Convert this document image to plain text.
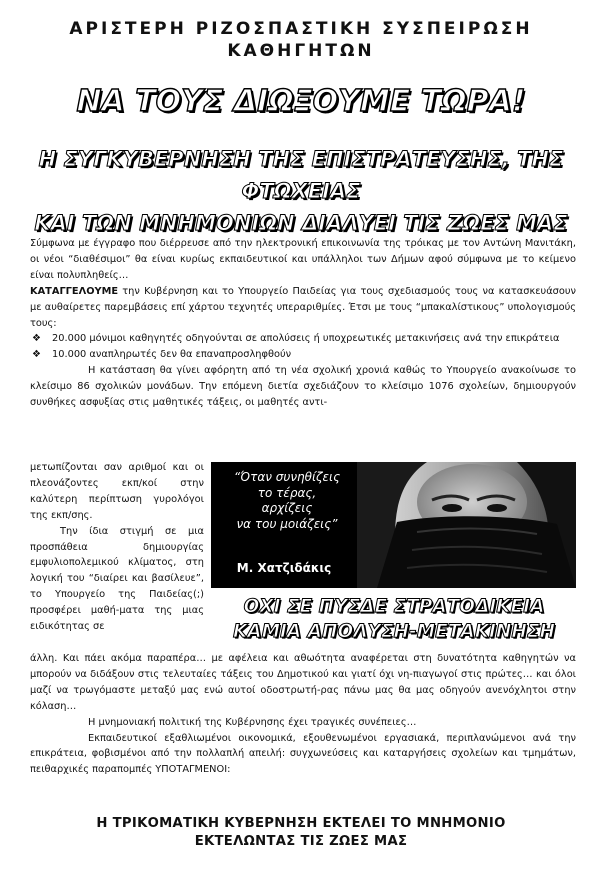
ΑΡΙΣΤΕΡΗ ΡΙΖΟΣΠΑΣΤΙΚΗ ΣΥΣΠΕΙΡΩΣΗ
ΚΑΘΗΓΗΤΩΝ
ΝΑ ΤΟΥΣ ΔΙΩΞΟΥΜΕ ΤΩΡΑ!
Η ΣΥΓΚΥΒΕΡΝΗΣΗ ΤΗΣ ΕΠΙΣΤΡΑΤΕΥΣΗΣ, ΤΗΣ ΦΤΩΧΕΙΑΣ
ΚΑΙ ΤΩΝ ΜΝΗΜΟΝΙΩΝ ΔΙΑΛΥΕΙ ΤΙΣ ΖΩΕΣ ΜΑΣ

Σύμφωνα με έγγραφο που διέρρευσε από την ηλεκτρονική επικοινωνία της τρόικας με τον Αντώνη Μανιτάκη, οι νέοι “διαθέσιμοι” θα είναι κυρίως εκπαιδευτικοί και υπάλληλοι των Δήμων αφού σύμφωνα με το κείμενο είναι πολυπληθείς…

ΚΑΤΑΓΓΕΛΟΥΜΕ την Κυβέρνηση και το Υπουργείο Παιδείας για τους σχεδιασμούς τους να κατασκευάσουν με αυθαίρετες παρεμβάσεις επί χάρτου τεχνητές υπεραριθμίες. Έτσι με τους “μπακαλίστικους” υπολογισμούς τους:

❖ 20.000 μόνιμοι καθηγητές οδηγούνται σε απολύσεις ή υποχρεωτικές μετακινήσεις ανά την επικράτεια
❖ 10.000 αναπληρωτές δεν θα επαναπροσληφθούν

Η κατάσταση θα γίνει αφόρητη από τη νέα σχολική χρονιά καθώς το Υπουργείο ανακοίνωσε το κλείσιμο 86 σχολικών μονάδων. Την επόμενη διετία σχεδιάζουν το κλείσιμο 1076 σχολείων, δημιουργούν συνθήκες ασφυξίας στις μαθητικές τάξεις, οι μαθητές αντι-

μετωπίζονται σαν αριθμοί και οι πλεονάζοντες εκπ/κοί στην καλύτερη περίπτωση γυρολόγοι της εκπ/σης.

Την ίδια στιγμή σε μια προσπάθεια δημιουργίας εμφυλιοπολεμικού κλίματος, στη λογική του “διαίρει και βασίλευε”, το Υπουργείο της Παιδείας(;) προσφέρει μαθή-ματα της μιας ειδικότητας σε

“Όταν συνηθίζεις
το τέρας,
αρχίζεις
να του μοιάζεις”
Μ. Χατζιδάκις
ΟΧΙ ΣΕ ΠΥΣΔΕ ΣΤΡΑΤΟΔΙΚΕΙΑ
ΚΑΜΙΑ ΑΠΟΛΥΣΗ-ΜΕΤΑΚΙΝΗΣΗ

άλλη. Και πάει ακόμα παραπέρα… με αφέλεια και αθωότητα αναφέρεται στη δυνατότητα καθηγητών να μπορούν να διδάξουν στις τελευταίες τάξεις του Δημοτικού και γιατί όχι νη-πιαγωγοί στις πρώτες… και όλοι μαζί να τρωγόμαστε μεταξύ μας ενώ αυτοί οδοστρωτή-ρας πάνω μας θα μας οδηγούν ανενόχλητοι στην κόλαση…

Η μνημονιακή πολιτική της Κυβέρνησης έχει τραγικές συνέπειες…

Εκπαιδευτικοί εξαθλιωμένοι οικονομικά, εξουθενωμένοι εργασιακά, περιπλανώμενοι ανά την επικράτεια, φοβισμένοι από την πολλαπλή απειλή: συγχωνεύσεις και καταργήσεις σχολείων και τμημάτων, πειθαρχικές παραπομπές ΥΠΟΤΑΓΜΕΝΟΙ:

Η ΤΡΙΚΟΜΑΤΙΚΗ ΚΥΒΕΡΝΗΣΗ ΕΚΤΕΛΕΙ ΤΟ ΜΝΗΜΟΝΙΟ
ΕΚΤΕΛΩΝΤΑΣ ΤΙΣ ΖΩΕΣ ΜΑΣ
